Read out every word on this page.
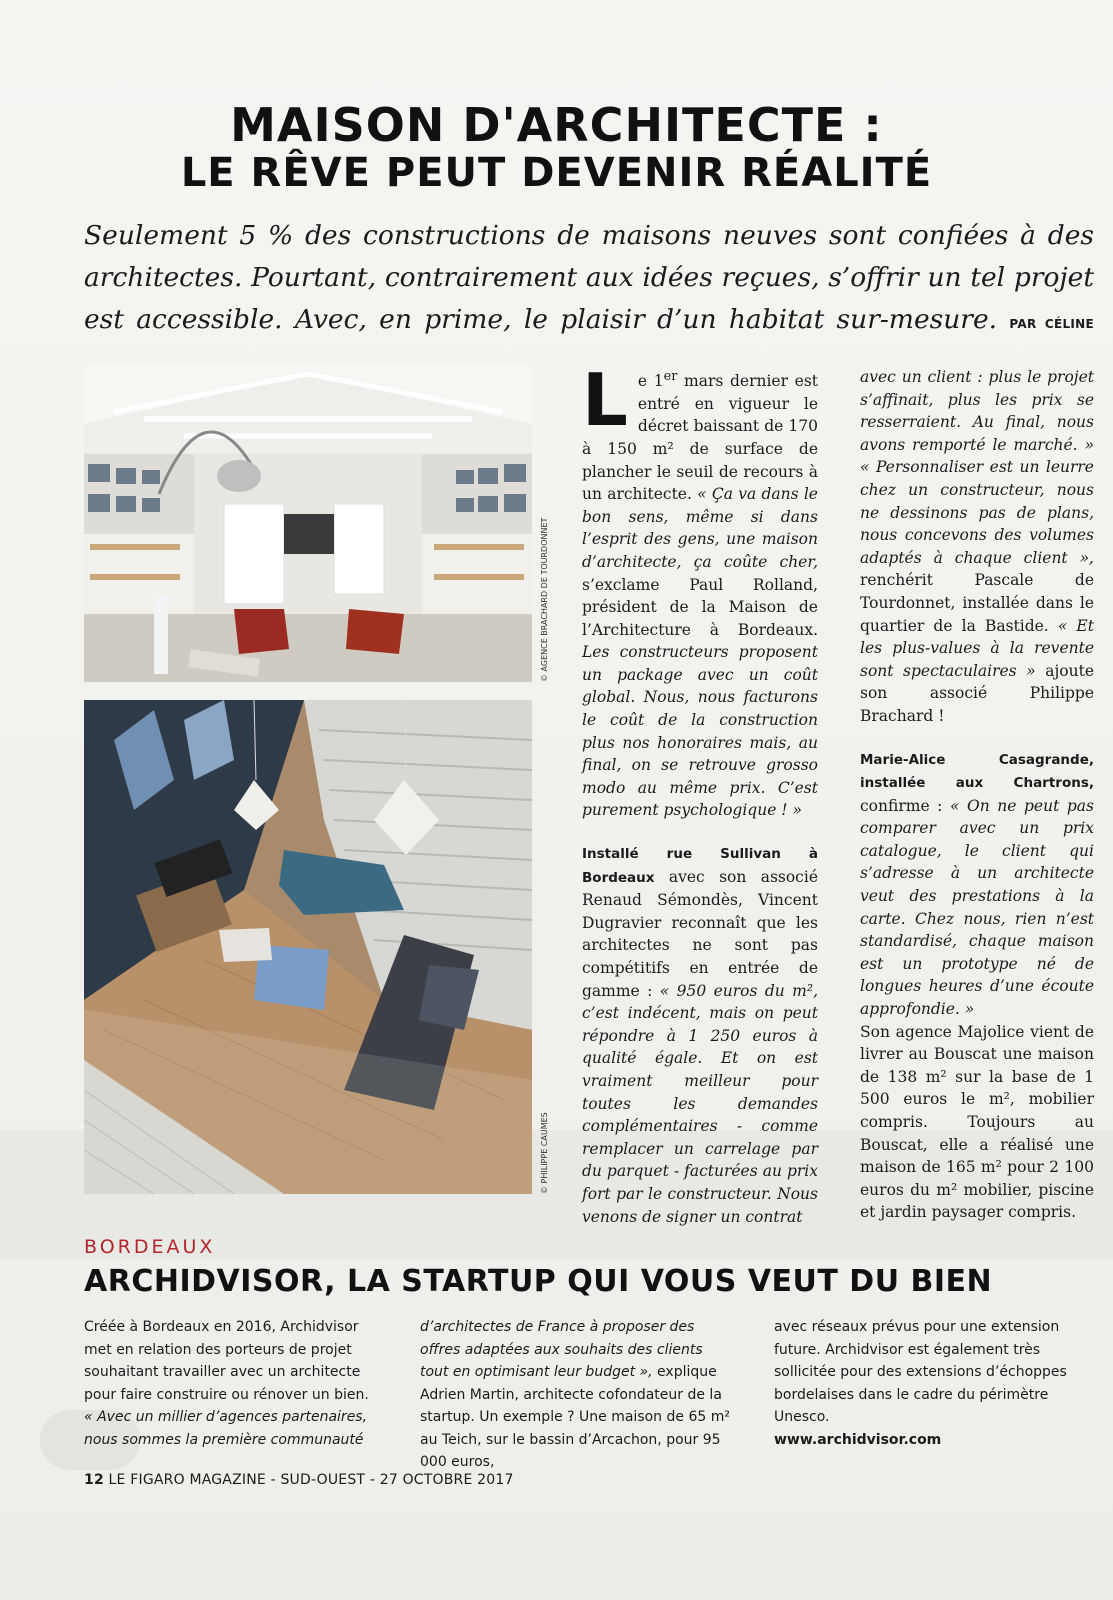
MAISON D'ARCHITECTE :
LE RÊVE PEUT DEVENIR RÉALITÉ
Seulement 5 % des constructions de maisons neuves sont confiées à des architectes. Pourtant, contrairement aux idées reçues, s’offrir un tel projet est accessible. Avec, en prime, le plaisir d’un habitat sur-mesure. PAR CÉLINE
© AGENCE BRACHARD DE TOURDONNET
© PHILIPPE CAUMES

Le 1er mars dernier est entré en vigueur le décret baissant de 170 à 150 m² de surface de plancher le seuil de recours à un architecte. « Ça va dans le bon sens, même si dans l’esprit des gens, une maison d’architecte, ça coûte cher, s’exclame Paul Rolland, président de la Maison de l’Architecture à Bordeaux. Les constructeurs proposent un package avec un coût global. Nous, nous facturons le coût de la construction plus nos honoraires mais, au final, on se retrouve grosso modo au même prix. C’est purement psychologique ! »

Installé rue Sullivan à Bordeaux avec son associé Renaud Sémondès, Vincent Dugravier reconnaît que les architectes ne sont pas compétitifs en entrée de gamme : « 950 euros du m², c’est indécent, mais on peut répondre à 1 250 euros à qualité égale. Et on est vraiment meilleur pour toutes les demandes complémentaires - comme remplacer un carrelage par du parquet - facturées au prix fort par le constructeur. Nous venons de signer un contrat

avec un client : plus le projet s’affinait, plus les prix se resserraient. Au final, nous avons remporté le marché. » « Personnaliser est un leurre chez un constructeur, nous ne dessinons pas de plans, nous concevons des volumes adaptés à chaque client », renchérit Pascale de Tourdonnet, installée dans le quartier de la Bastide. « Et les plus-values à la revente sont spectaculaires » ajoute son associé Philippe Brachard !

Marie-Alice Casagrande, installée aux Chartrons, confirme : « On ne peut pas comparer avec un prix catalogue, le client qui s’adresse à un architecte veut des prestations à la carte. Chez nous, rien n’est standardisé, chaque maison est un prototype né de longues heures d’une écoute approfondie. »

Son agence Majolice vient de livrer au Bouscat une maison de 138 m² sur la base de 1 500 euros le m², mobilier compris. Toujours au Bouscat, elle a réalisé une maison de 165 m² pour 2 100 euros du m² mobilier, piscine et jardin paysager compris.

BORDEAUX
ARCHIDVISOR, LA STARTUP QUI VOUS VEUT DU BIEN
Créée à Bordeaux en 2016, Archidvisor met en relation des porteurs de projet souhaitant travailler avec un architecte pour faire construire ou rénover un bien.
« Avec un millier d’agences partenaires, nous sommes la première communauté
d’architectes de France à proposer des offres adaptées aux souhaits des clients tout en optimisant leur budget », explique Adrien Martin, architecte cofondateur de la startup. Un exemple ? Une maison de 65 m² au Teich, sur le bassin d’Arcachon, pour 95 000 euros,
avec réseaux prévus pour une extension future. Archidvisor est également très sollicitée pour des extensions d’échoppes bordelaises dans le cadre du périmètre Unesco.
www.archidvisor.com
12 LE FIGARO MAGAZINE - SUD-OUEST - 27 OCTOBRE 2017
